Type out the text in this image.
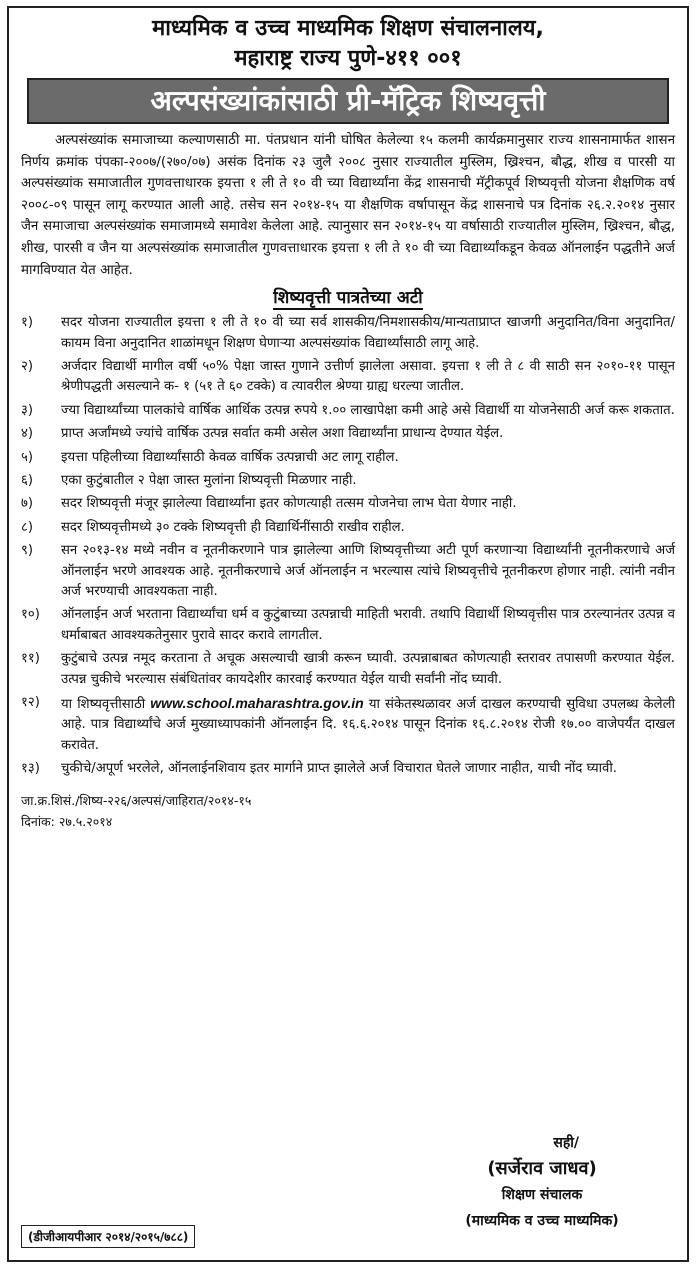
माध्यमिक व उच्च माध्यमिक शिक्षण संचालनालय,
महाराष्ट्र राज्य पुणे-४११ ००१
अल्पसंख्यांकांसाठी प्री-मॅट्रिक शिष्यवृत्ती

अल्पसंख्यांक समाजाच्या कल्याणसाठी मा. पंतप्रधान यांनी घोषित केलेल्या १५ कलमी कार्यक्रमानुसार राज्य शासनामार्फत शासन निर्णय क्रमांक पंपका-२००७/(२७०/०७) असंक दिनांक २३ जुलै २००८ नुसार राज्यातील मुस्लिम, ख्रिश्चन, बौद्ध, शीख व पारसी या अल्पसंख्यांक समाजातील गुणवत्ताधारक इयत्ता १ ली ते १० वी च्या विद्यार्थ्यांना केंद्र शासनाची मॅट्रीकपूर्व शिष्यवृत्ती योजना शैक्षणिक वर्ष २००८-०९ पासून लागू करण्यात आली आहे. तसेच सन २०१४-१५ या शैक्षणिक वर्षापासून केंद्र शासनाचे पत्र दिनांक २६.२.२०१४ नुसार जैन समाजाचा अल्पसंख्यांक समाजामध्ये समावेश केलेला आहे. त्यानुसार सन २०१४-१५ या वर्षासाठी राज्यातील मुस्लिम, ख्रिश्चन, बौद्ध, शीख, पारसी व जैन या अल्पसंख्यांक समाजातील गुणवत्ताधारक इयत्ता १ ली ते १० वी च्या विद्यार्थ्यांकडून केवळ ऑनलाईन पद्धतीने अर्ज मागविण्यात येत आहेत.

शिष्यवृत्ती पात्रतेच्या अटी
१)	सदर योजना राज्यातील इयत्ता १ ली ते १० वी च्या सर्व शासकीय/निमशासकीय/मान्यताप्राप्त खाजगी अनुदानित/विना अनुदानित/कायम विना अनुदानित शाळांमधून शिक्षण घेणाऱ्या अल्पसंख्यांक विद्यार्थ्यांसाठी लागू आहे.
२)	अर्जदार विद्यार्थी मागील वर्षी ५०% पेक्षा जास्त गुणाने उत्तीर्ण झालेला असावा. इयत्ता १ ली ते ८ वी साठी सन २०१०-११ पासून श्रेणीपद्धती असल्याने क- १ (५१ ते ६० टक्के) व त्यावरील श्रेण्या ग्राह्य धरल्या जातील.
३)	ज्या विद्यार्थ्यांच्या पालकांचे वार्षिक आर्थिक उत्पन्न रुपये १.०० लाखापेक्षा कमी आहे असे विद्यार्थी या योजनेसाठी अर्ज करू शकतात.
४)	प्राप्त अर्जांमध्ये ज्यांचे वार्षिक उत्पन्न सर्वात कमी असेल अशा विद्यार्थ्यांना प्राधान्य देण्यात येईल.
५)	इयत्ता पहिलीच्या विद्यार्थ्यांसाठी केवळ वार्षिक उत्पन्नाची अट लागू राहील.
६)	एका कुटुंबातील २ पेक्षा जास्त मुलांना शिष्यवृत्ती मिळणार नाही.
७)	सदर शिष्यवृत्ती मंजूर झालेल्या विद्यार्थ्यांना इतर कोणत्याही तत्सम योजनेचा लाभ घेता येणार नाही.
८)	सदर शिष्यवृत्तीमध्ये ३० टक्के शिष्यवृत्ती ही विद्यार्थिनींसाठी राखीव राहील.
९)	सन २०१३-१४ मध्ये नवीन व नूतनीकरणाने पात्र झालेल्या आणि शिष्यवृत्तीच्या अटी पूर्ण करणाऱ्या विद्यार्थ्यांनी नूतनीकरणाचे अर्ज ऑनलाईन भरणे आवश्यक आहे. नूतनीकरणाचे अर्ज ऑनलाईन न भरल्यास त्यांचे शिष्यवृत्तीचे नूतनीकरण होणार नाही. त्यांनी नवीन अर्ज भरण्याची आवश्यकता नाही.
१०)	ऑनलाईन अर्ज भरताना विद्यार्थ्यांचा धर्म व कुटुंबाच्या उत्पन्नाची माहिती भरावी. तथापि विद्यार्थी शिष्यवृत्तीस पात्र ठरल्यानंतर उत्पन्न व धर्माबाबत आवश्यकतेनुसार पुरावे सादर करावे लागतील.
११)	कुटुंबाचे उत्पन्न नमूद करताना ते अचूक असल्याची खात्री करून घ्यावी. उत्पन्नाबाबत कोणत्याही स्तरावर तपासणी करण्यात येईल. उत्पन्न चुकीचे भरल्यास संबंधितांवर कायदेशीर कारवाई करण्यात येईल याची सर्वांनी नोंद घ्यावी.
१२)	या शिष्यवृत्तीसाठी www.school.maharashtra.gov.in या संकेतस्थळावर अर्ज दाखल करण्याची सुविधा उपलब्ध केलेली आहे. पात्र विद्यार्थ्यांचे अर्ज मुख्याध्यापकांनी ऑनलाईन दि. १६.६.२०१४ पासून दिनांक १६.८.२०१४ रोजी १७.०० वाजेपर्यंत दाखल करावेत.
१३)	चुकीचे/अपूर्ण भरलेले, ऑनलाईनशिवाय इतर मार्गाने प्राप्त झालेले अर्ज विचारात घेतले जाणार नाहीत, याची नोंद घ्यावी.
जा.क्र.शिसं./शिष्य-२२६/अल्पसं/जाहिरात/२०१४-१५
दिनांक: २७.५.२०१४
सही/
(सर्जेराव जाधव)
शिक्षण संचालक
(माध्यमिक व उच्च माध्यमिक)
(डीजीआयपीआर २०१४/२०१५/७८८)
